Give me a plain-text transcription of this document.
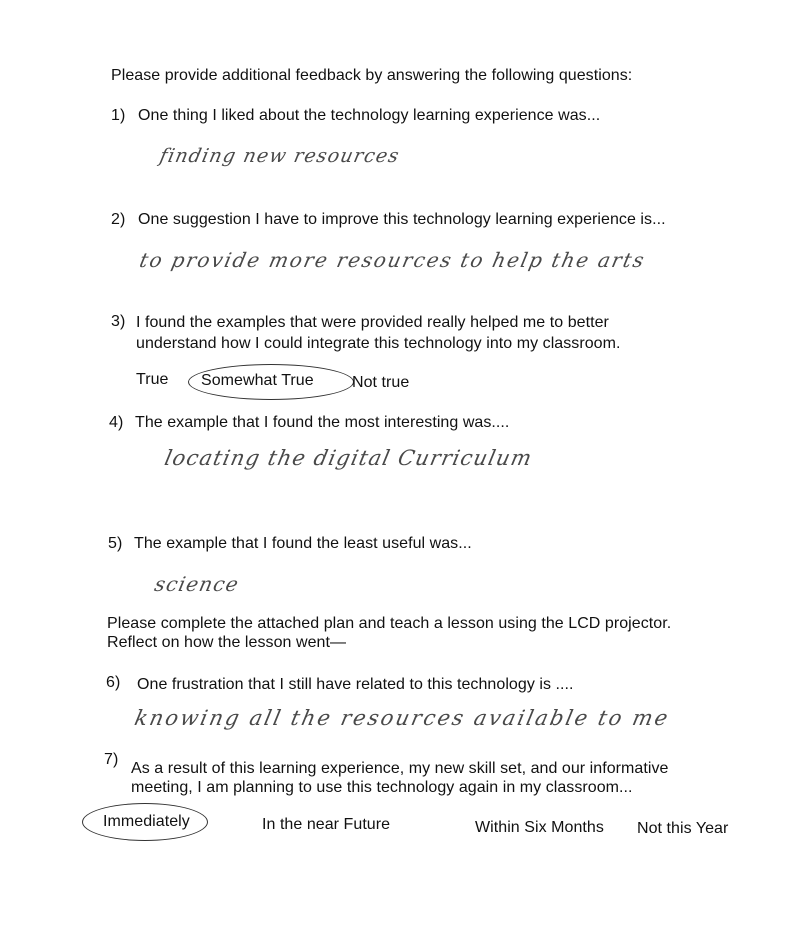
Please provide additional feedback by answering the following questions:
1) One thing I liked about the technology learning experience was...
finding new resources
2) One suggestion I have to improve this technology learning experience is...
to provide more resources to help the arts
3) I found the examples that were provided really helped me to better
understand how I could integrate this technology into my classroom.
True Somewhat True Not true
4) The example that I found the most interesting was....
locating the digital Curriculum
5) The example that I found the least useful was...
science
Please complete the attached plan and teach a lesson using the LCD projector.
Reflect on how the lesson went—
6) One frustration that I still have related to this technology is ....
knowing all the resources available to me
7)
As a result of this learning experience, my new skill set, and our informative
meeting, I am planning to use this technology again in my classroom...
Immediately	In the near Future	Within Six Months Not this Year
